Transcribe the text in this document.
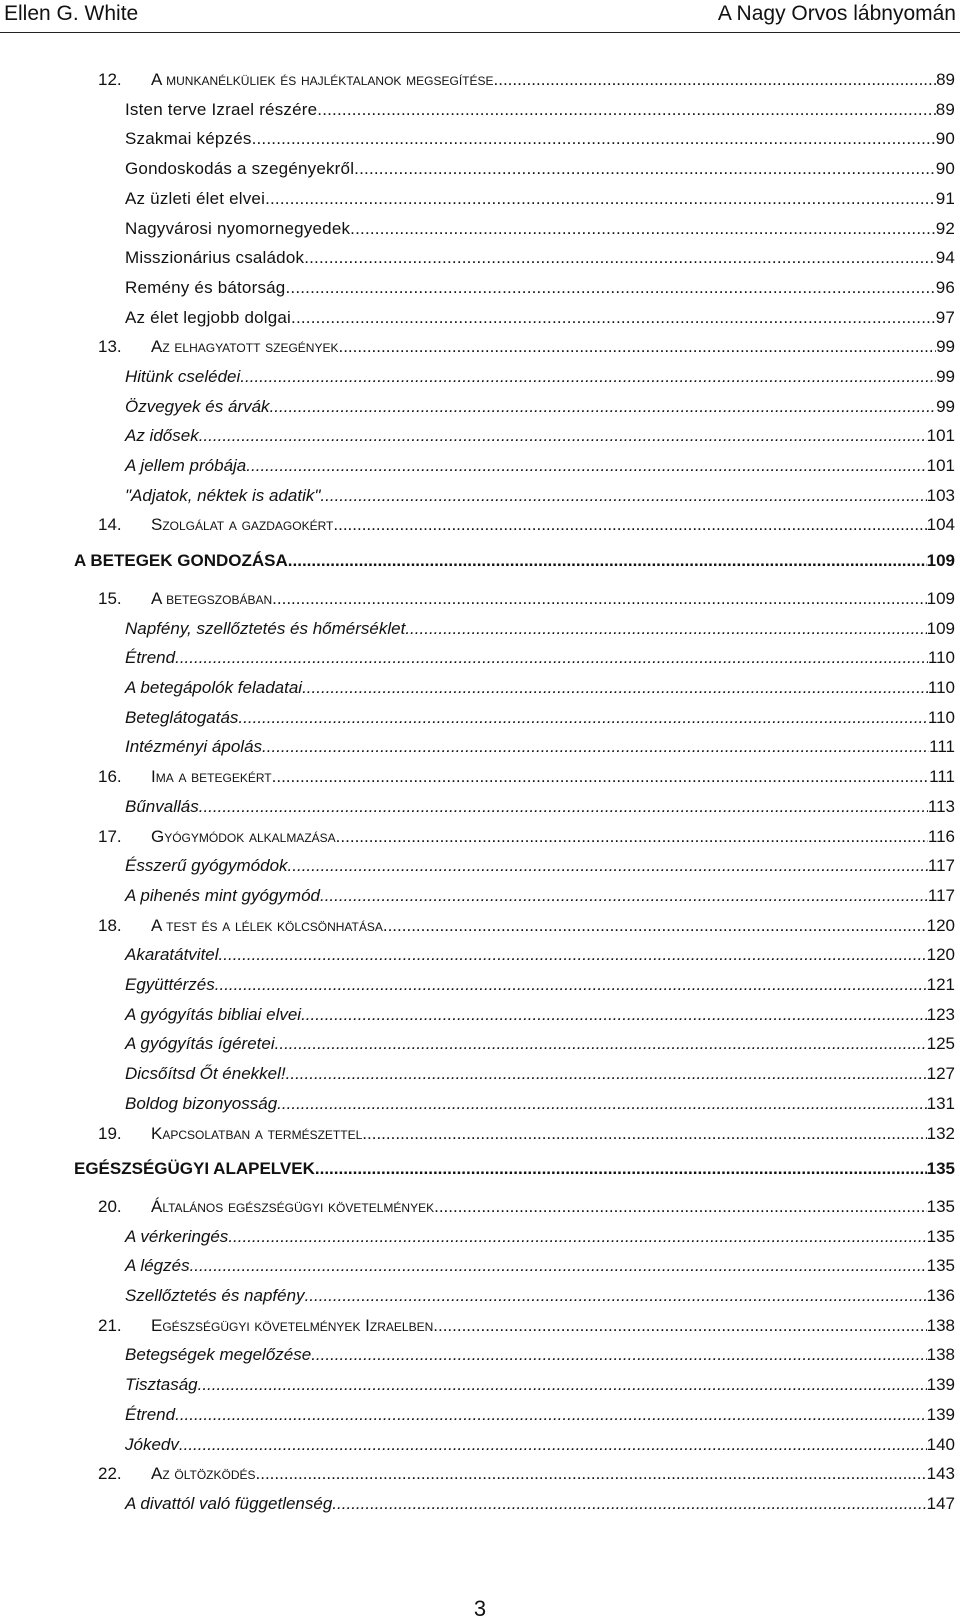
Ellen G. White	A Nagy Orvos lábnyomán
12.	A munkanélküliek és hajléktalanok megsegítése .....	89
Isten terve Izrael részére .....	89
Szakmai képzés .....	90
Gondoskodás a szegényekről .....	90
Az üzleti élet elvei .....	91
Nagyvárosi nyomornegyedek .....	92
Misszionárius családok .....	94
Remény és bátorság .....	96
Az élet legjobb dolgai .....	97
13.	Az elhagyatott szegények .....	99
Hitünk cselédei .....	99
Özvegyek és árvák .....	99
Az idősek .....	101
A jellem próbája .....	101
"Adjatok, néktek is adatik" .....	103
14.	Szolgálat a gazdagokért .....	104
A BETEGEK GONDOZÁSA .....	109
15.	A betegszobában .....	109
Napfény, szellőztetés és hőmérséklet .....	109
Étrend .....	110
A betegápolók feladatai .....	110
Beteglátogatás .....	110
Intézményi ápolás .....	111
16.	Ima a betegekért .....	111
Bűnvallás .....	113
17.	Gyógymódok alkalmazása .....	116
Ésszerű gyógymódok .....	117
A pihenés mint gyógymód .....	117
18.	A test és a lélek kölcsönhatása .....	120
Akaratátvitel .....	120
Együttérzés .....	121
A gyógyítás bibliai elvei .....	123
A gyógyítás ígéretei .....	125
Dicsőítsd Őt énekkel! .....	127
Boldog bizonyosság .....	131
19.	Kapcsolatban a természettel .....	132
EGÉSZSÉGÜGYI ALAPELVEK .....	135
20.	Általános egészségügyi követelmények .....	135
A vérkeringés .....	135
A légzés .....	135
Szellőztetés és napfény .....	136
21.	Egészségügyi követelmények Izraelben .....	138
Betegségek megelőzése .....	138
Tisztaság .....	139
Étrend .....	139
Jókedv .....	140
22.	Az öltözködés .....	143
A divattól való függetlenség .....	147
3
